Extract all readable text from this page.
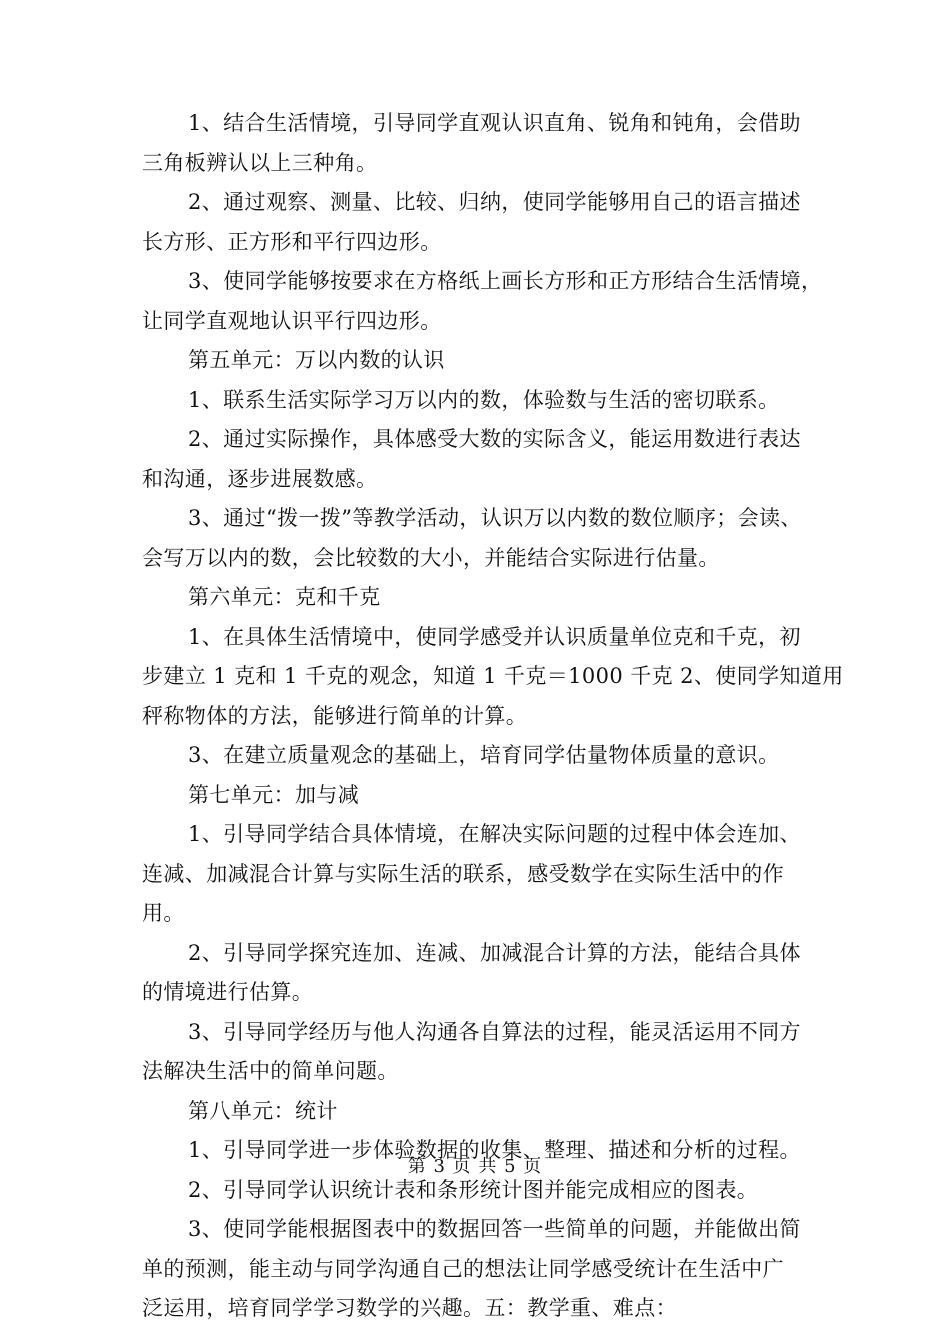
1、结合生活情境，引导同学直观认识直角、锐角和钝角，会借助
三角板辨认以上三种角。
2、通过观察、测量、比较、归纳，使同学能够用自己的语言描述
长方形、正方形和平行四边形。
3、使同学能够按要求在方格纸上画长方形和正方形结合生活情境，
让同学直观地认识平行四边形。
第五单元：万以内数的认识
1、联系生活实际学习万以内的数，体验数与生活的密切联系。
2、通过实际操作，具体感受大数的实际含义，能运用数进行表达
和沟通，逐步进展数感。
3、通过“拨一拨”等教学活动，认识万以内数的数位顺序；会读、
会写万以内的数，会比较数的大小，并能结合实际进行估量。
第六单元：克和千克
1、在具体生活情境中，使同学感受并认识质量单位克和千克，初
步建立 1 克和 1 千克的观念，知道 1 千克＝1000 千克 2、使同学知道用
秤称物体的方法，能够进行简单的计算。
3、在建立质量观念的基础上，培育同学估量物体质量的意识。
第七单元：加与减
1、引导同学结合具体情境，在解决实际问题的过程中体会连加、
连减、加减混合计算与实际生活的联系，感受数学在实际生活中的作
用。
2、引导同学探究连加、连减、加减混合计算的方法，能结合具体
的情境进行估算。
3、引导同学经历与他人沟通各自算法的过程，能灵活运用不同方
法解决生活中的简单问题。
第八单元：统计
1、引导同学进一步体验数据的收集、整理、描述和分析的过程。
2、引导同学认识统计表和条形统计图并能完成相应的图表。
3、使同学能根据图表中的数据回答一些简单的问题，并能做出简
单的预测，能主动与同学沟通自己的想法让同学感受统计在生活中广
泛运用，培育同学学习数学的兴趣。五：教学重、难点：
第 3 页 共 5 页
